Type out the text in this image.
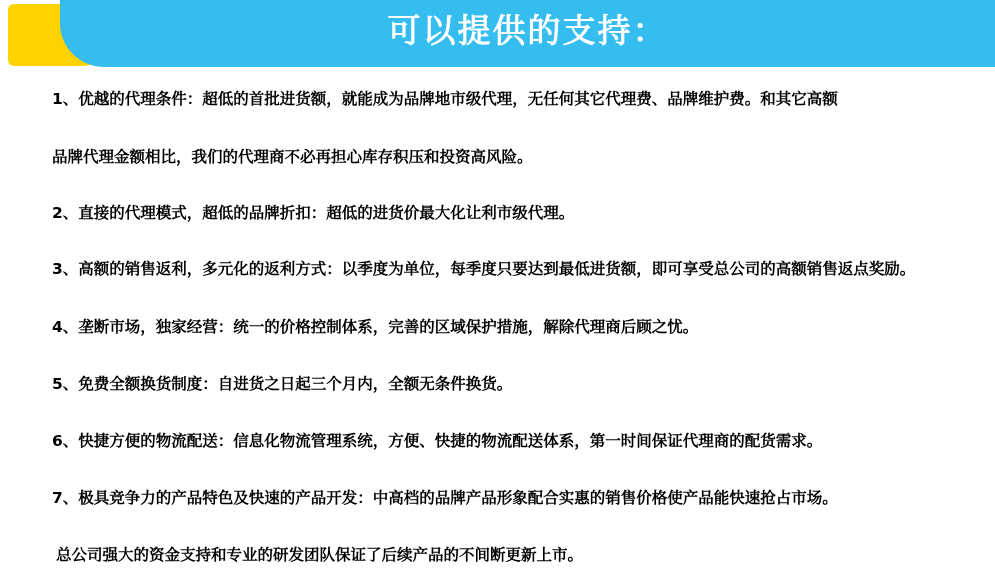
可以提供的支持：
1、优越的代理条件：超低的首批进货额，就能成为品牌地市级代理，无任何其它代理费、品牌维护费。和其它高额
品牌代理金额相比，我们的代理商不必再担心库存积压和投资高风险。
2、直接的代理模式，超低的品牌折扣：超低的进货价最大化让利市级代理。
3、高额的销售返利，多元化的返利方式：以季度为单位，每季度只要达到最低进货额，即可享受总公司的高额销售返点奖励。
4、垄断市场，独家经营：统一的价格控制体系，完善的区域保护措施，解除代理商后顾之忧。
5、免费全额换货制度：自进货之日起三个月内，全额无条件换货。
6、快捷方便的物流配送：信息化物流管理系统，方便、快捷的物流配送体系，第一时间保证代理商的配货需求。
7、极具竞争力的产品特色及快速的产品开发：中高档的品牌产品形象配合实惠的销售价格使产品能快速抢占市场。
总公司强大的资金支持和专业的研发团队保证了后续产品的不间断更新上市。
